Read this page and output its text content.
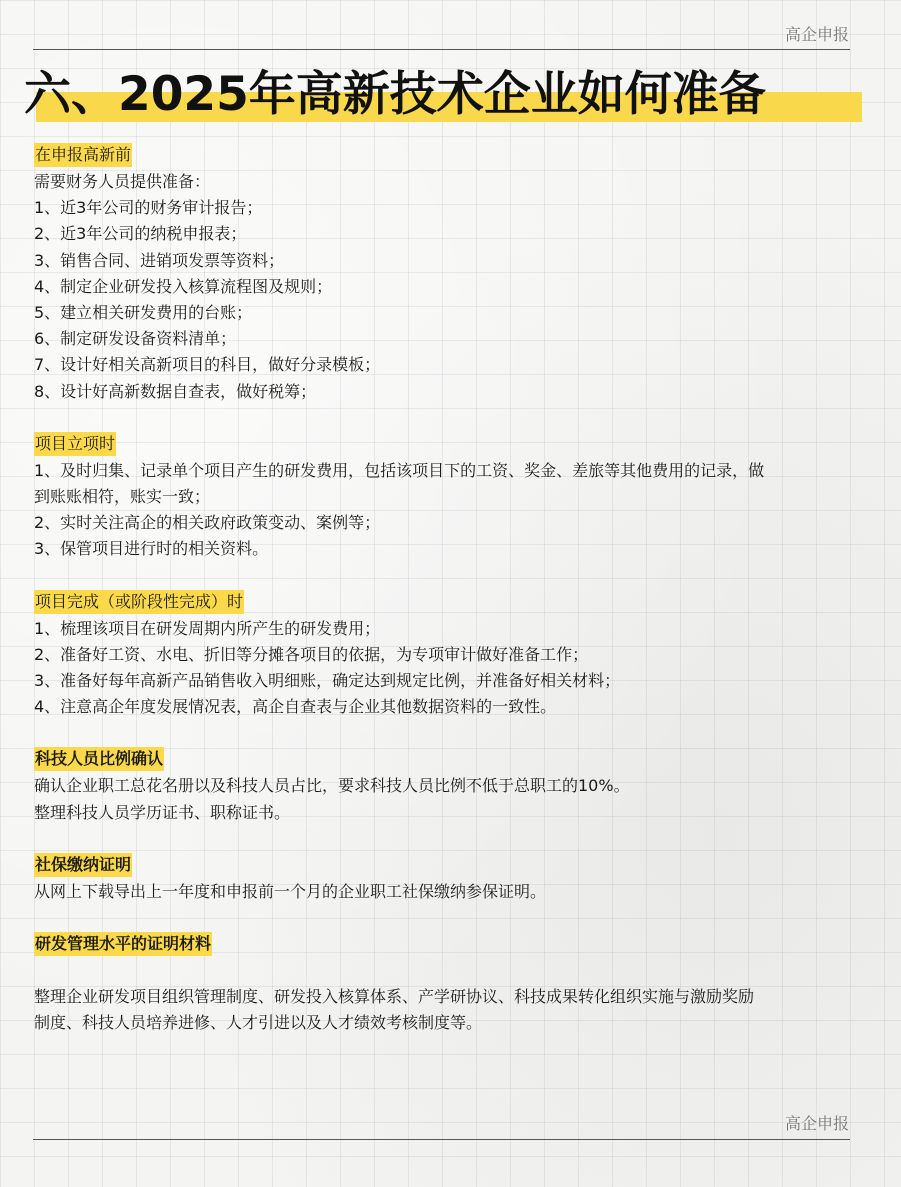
高企申报
六、2025年高新技术企业如何准备
在申报高新前
需要财务人员提供准备：
1、近3年公司的财务审计报告；
2、近3年公司的纳税申报表；
3、销售合同、进销项发票等资料；
4、制定企业研发投入核算流程图及规则；
5、建立相关研发费用的台账；
6、制定研发设备资料清单；
7、设计好相关高新项目的科目，做好分录模板；
8、设计好高新数据自查表，做好税筹；
项目立项时
1、及时归集、记录单个项目产生的研发费用，包括该项目下的工资、奖金、差旅等其他费用的记录，做
到账账相符，账实一致；
2、实时关注高企的相关政府政策变动、案例等；
3、保管项目进行时的相关资料。
项目完成（或阶段性完成）时
1、梳理该项目在研发周期内所产生的研发费用；
2、准备好工资、水电、折旧等分摊各项目的依据，为专项审计做好准备工作；
3、准备好每年高新产品销售收入明细账，确定达到规定比例，并准备好相关材料；
4、注意高企年度发展情况表，高企自查表与企业其他数据资料的一致性。
科技人员比例确认
确认企业职工总花名册以及科技人员占比，要求科技人员比例不低于总职工的10%。
整理科技人员学历证书、职称证书。
社保缴纳证明
从网上下载导出上一年度和申报前一个月的企业职工社保缴纳参保证明。
研发管理水平的证明材料
整理企业研发项目组织管理制度、研发投入核算体系、产学研协议、科技成果转化组织实施与激励奖励
制度、科技人员培养进修、人才引进以及人才绩效考核制度等。
高企申报
